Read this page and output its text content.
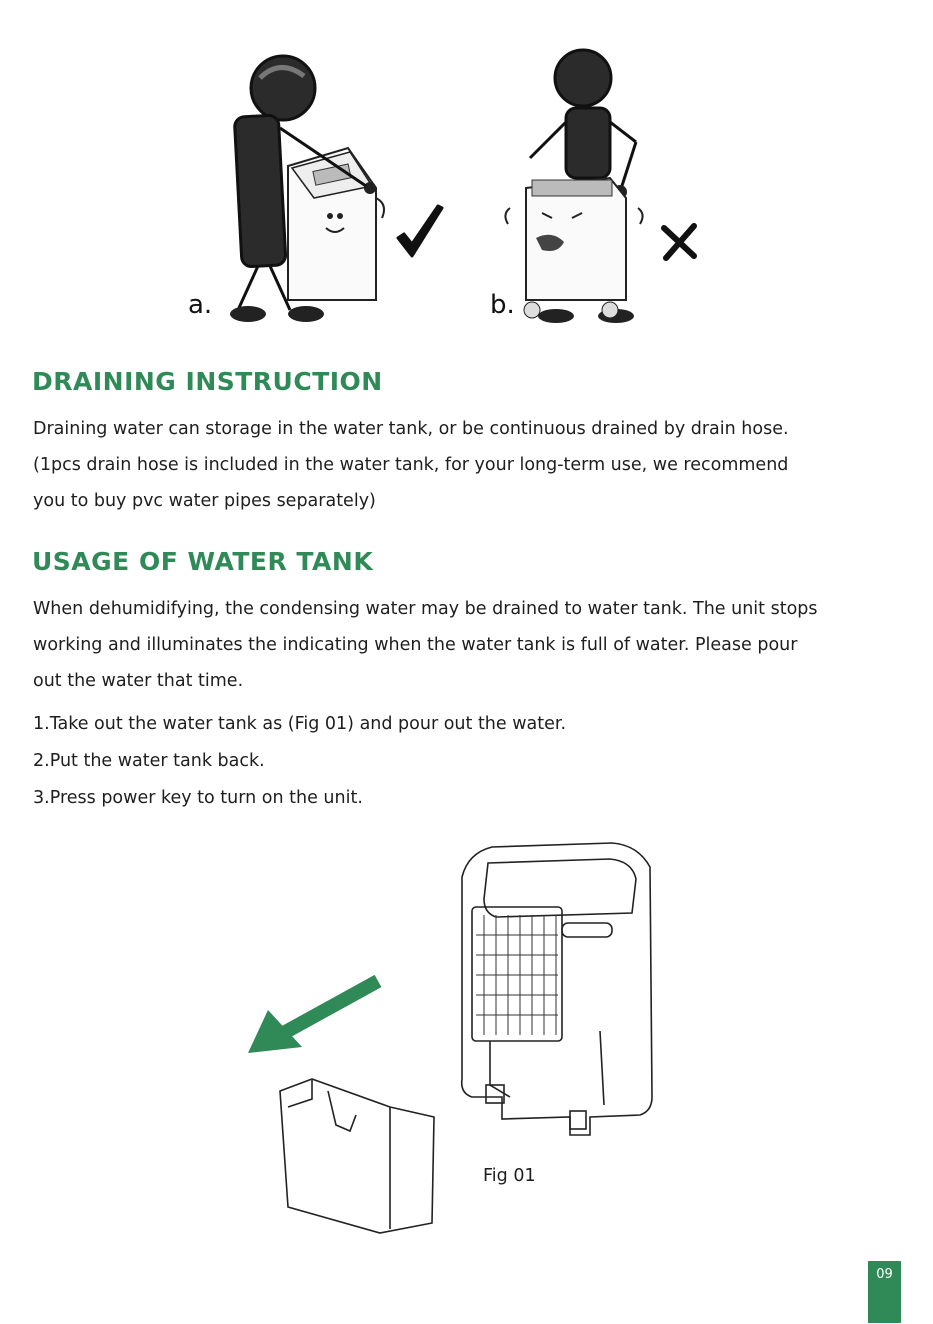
a.	b.
DRAINING INSTRUCTION
Draining water can storage in the water tank, or be continuous drained by drain hose.
(1pcs drain hose is included in the water tank, for your long-term use, we recommend
you to buy pvc water pipes separately)
USAGE OF WATER TANK
When dehumidifying, the condensing water may be drained to water tank. The unit stops
working and illuminates the indicating when the water tank is full of water. Please pour
out the water that time.
1.Take out the water tank as (Fig 01) and pour out the water.
2.Put the water tank back.
3.Press power key to turn on the unit.
Fig 01
09
